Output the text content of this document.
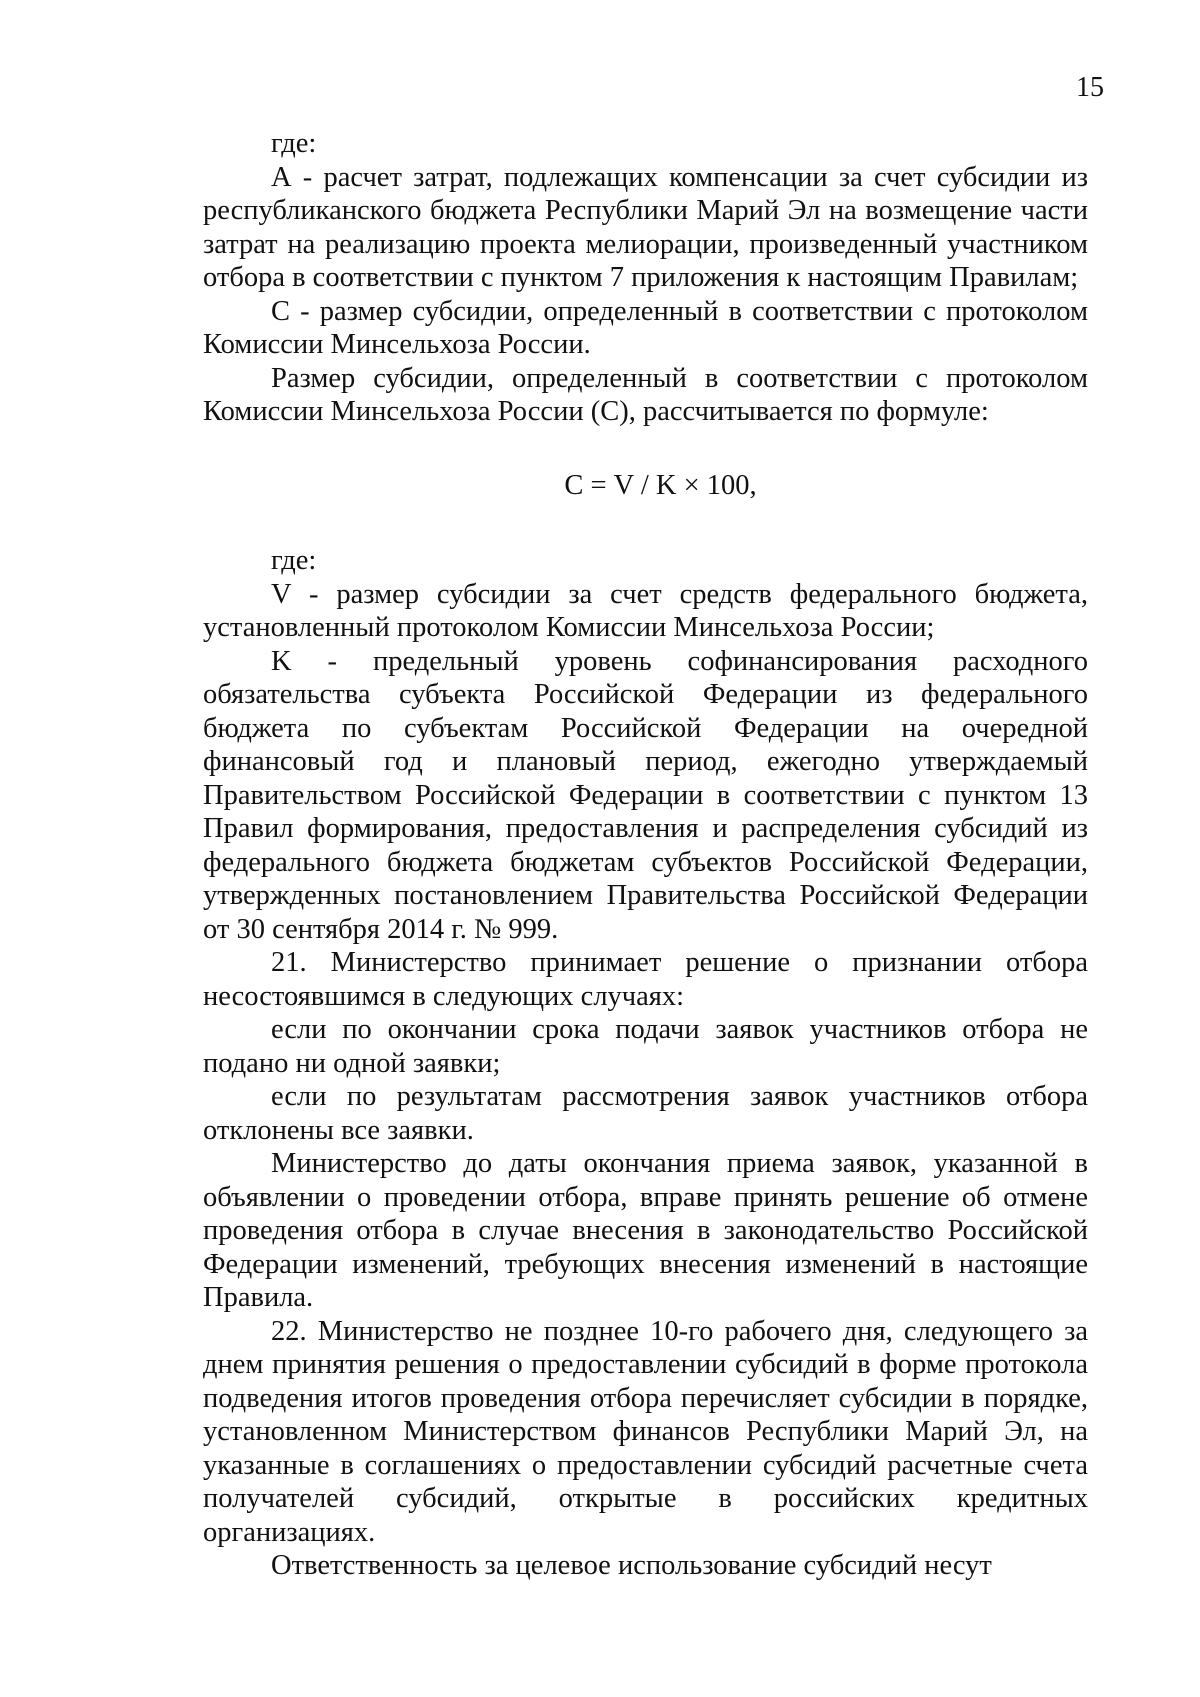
15

где:

А - расчет затрат, подлежащих компенсации за счет субсидии из республиканского бюджета Республики Марий Эл на возмещение части затрат на реализацию проекта мелиорации, произведенный участником отбора в соответствии с пунктом 7 приложения к настоящим Правилам;

С - размер субсидии, определенный в соответствии с протоколом Комиссии Минсельхоза России.

Размер субсидии, определенный в соответствии с протоколом Комиссии Минсельхоза России (С), рассчитывается по формуле:

С = V / K × 100,

где:

V - размер субсидии за счет средств федерального бюджета, установленный протоколом Комиссии Минсельхоза России;

K - предельный уровень софинансирования расходного обязательства субъекта Российской Федерации из федерального бюджета по субъектам Российской Федерации на очередной финансовый год и плановый период, ежегодно утверждаемый Правительством Российской Федерации в соответствии с пунктом 13 Правил формирования, предоставления и распределения субсидий из федерального бюджета бюджетам субъектов Российской Федерации, утвержденных постановлением Правительства Российской Федерации от 30 сентября 2014 г. № 999.

21. Министерство принимает решение о признании отбора несостоявшимся в следующих случаях:

если по окончании срока подачи заявок участников отбора не подано ни одной заявки;

если по результатам рассмотрения заявок участников отбора отклонены все заявки.

Министерство до даты окончания приема заявок, указанной в объявлении о проведении отбора, вправе принять решение об отмене проведения отбора в случае внесения в законодательство Российской Федерации изменений, требующих внесения изменений в настоящие Правила.

22. Министерство не позднее 10-го рабочего дня, следующего за днем принятия решения о предоставлении субсидий в форме протокола подведения итогов проведения отбора перечисляет субсидии в порядке, установленном Министерством финансов Республики Марий Эл, на указанные в соглашениях о предоставлении субсидий расчетные счета получателей субсидий, открытые в российских кредитных организациях.

Ответственность за целевое использование субсидий несут
